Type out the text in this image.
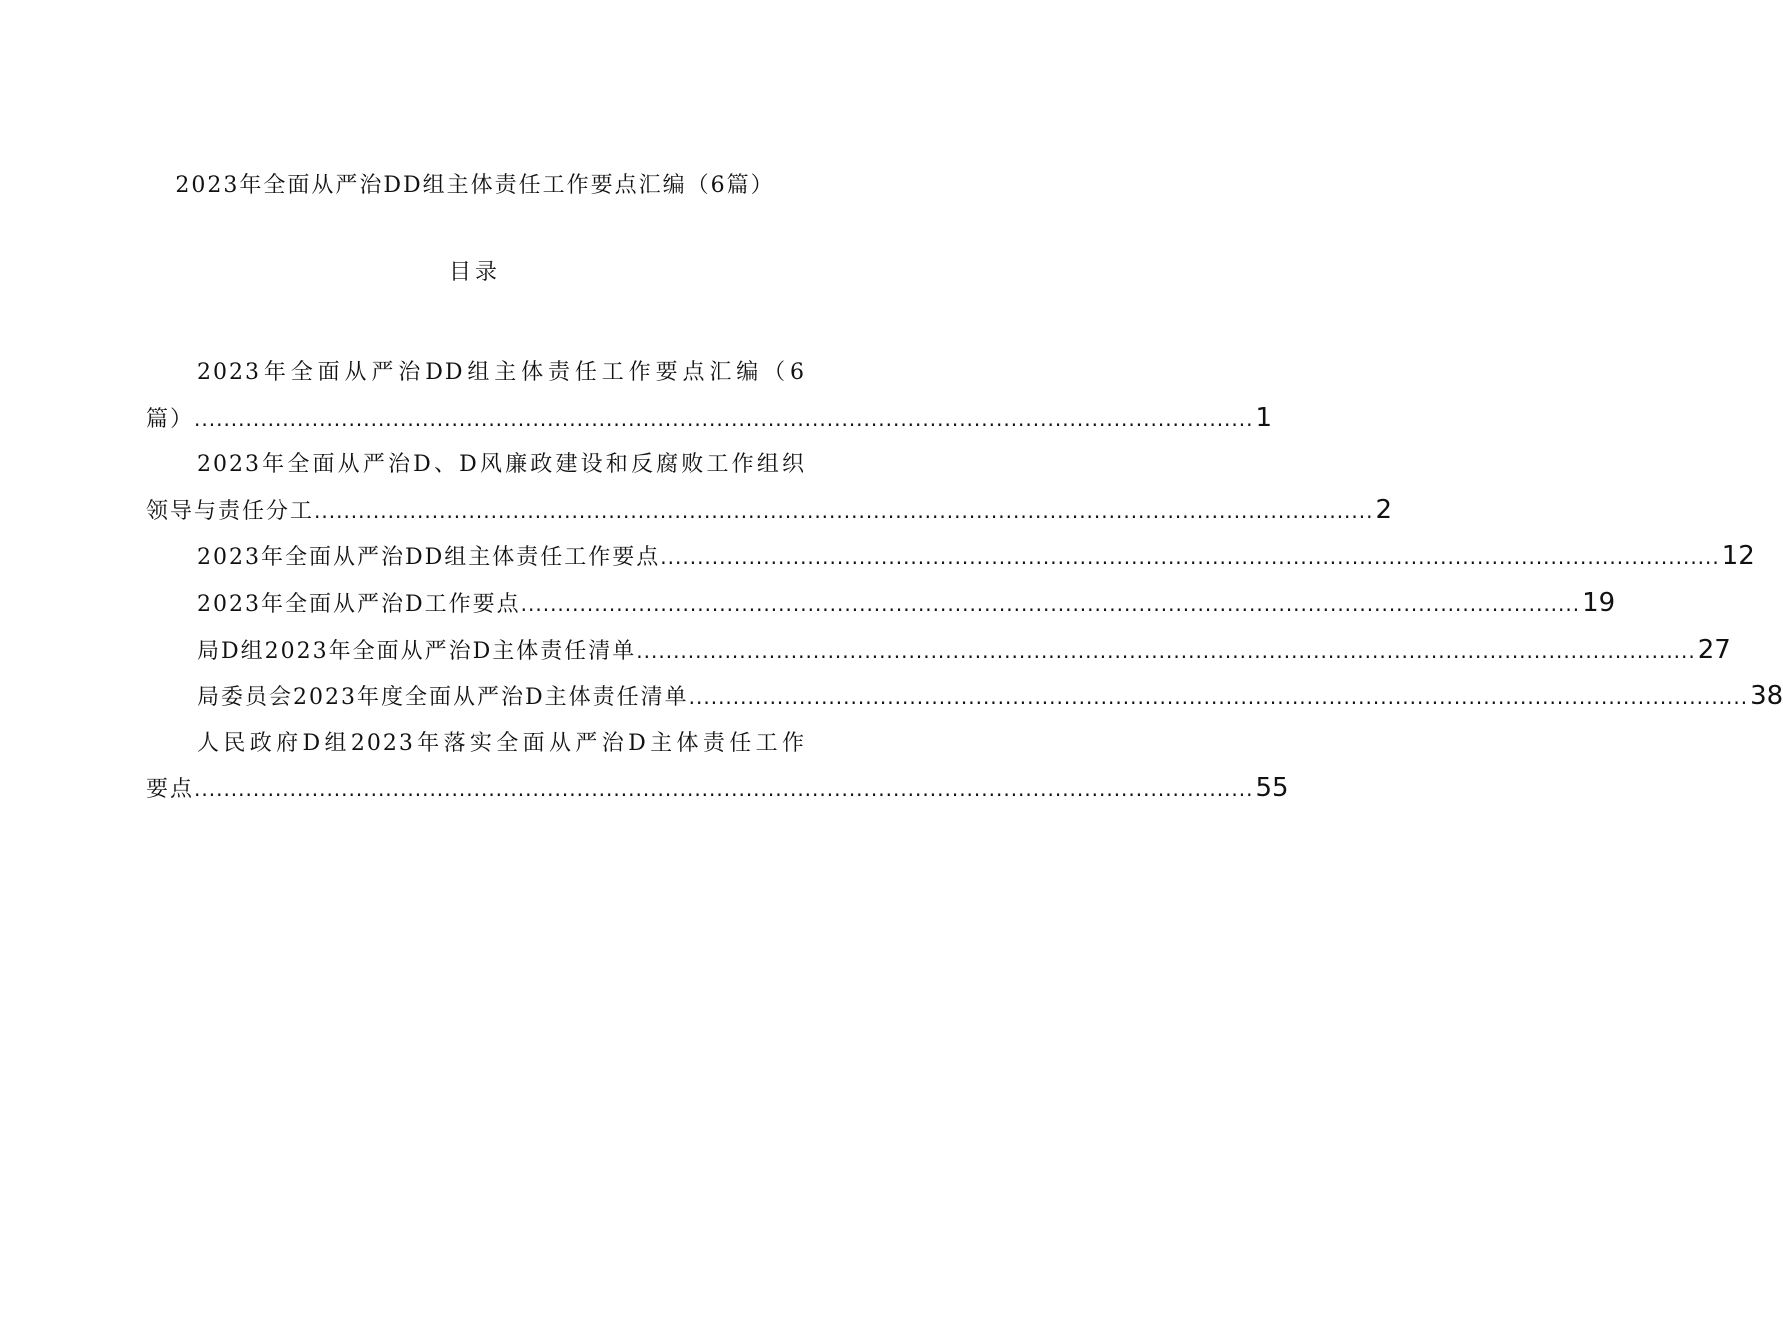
2023年全面从严治DD组主体责任工作要点汇编（6篇）
目录
2023年全面从严治DD组主体责任工作要点汇编（6
篇） ................................................................................................................................................ 1
2023年全面从严治D、D风廉政建设和反腐败工作组织
领导与责任分工 ................................................................................................................................................ 2
2023年全面从严治DD组主体责任工作要点 ................................................................................................................................................ 12
2023年全面从严治D工作要点 ................................................................................................................................................ 19
局D组2023年全面从严治D主体责任清单 ................................................................................................................................................ 27
局委员会2023年度全面从严治D主体责任清单 ................................................................................................................................................ 38
人民政府D组2023年落实全面从严治D主体责任工作
要点 ................................................................................................................................................ 55
